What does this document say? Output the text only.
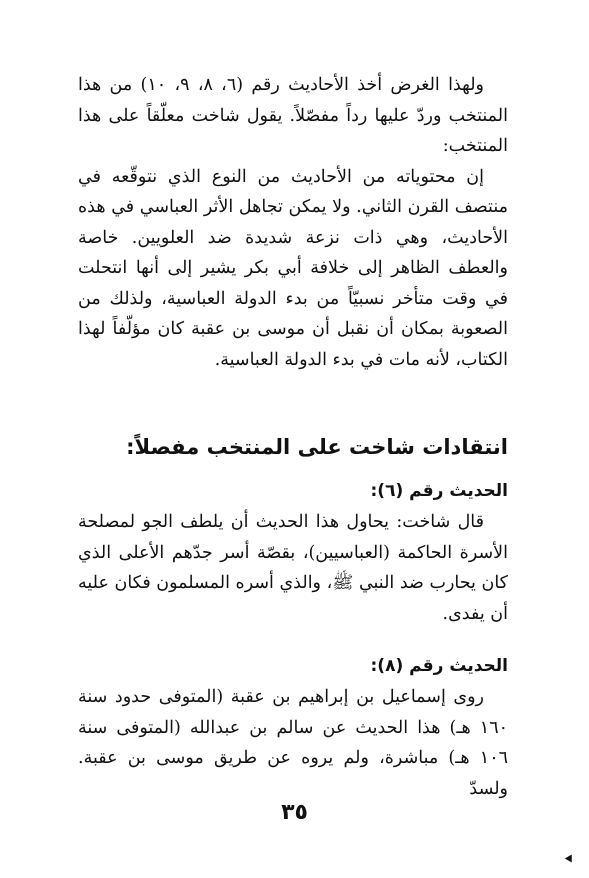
ولهذا الغرض أخذ الأحاديث رقم (٦، ٨، ٩، ١٠) من هذا المنتخب وردّ عليها رداً مفصّلاً. يقول شاخت معلّقاً على هذا المنتخب:

إن محتوياته من الأحاديث من النوع الذي نتوقّعه في منتصف القرن الثاني. ولا يمكن تجاهل الأثر العباسي في هذه الأحاديث، وهي ذات نزعة شديدة ضد العلويين. خاصة والعطف الظاهر إلى خلافة أبي بكر يشير إلى أنها انتحلت في وقت متأخر نسبيّاً من بدء الدولة العباسية، ولذلك من الصعوبة بمكان أن نقبل أن موسى بن عقبة كان مؤلّفاً لهذا الكتاب، لأنه مات في بدء الدولة العباسية.

انتقادات شاخت على المنتخب مفصلاً:
الحديث رقم (٦):

قال شاخت: يحاول هذا الحديث أن يلطف الجو لمصلحة الأسرة الحاكمة (العباسيين)، بقصّة أسر جدّهم الأعلى الذي كان يحارب ضد النبي ﷺ، والذي أسره المسلمون فكان عليه أن يفدى.

الحديث رقم (٨):

روى إسماعيل بن إبراهيم بن عقبة (المتوفى حدود سنة ١٦٠ هـ) هذا الحديث عن سالم بن عبدالله (المتوفى سنة ١٠٦ هـ) مباشرة، ولم يروه عن طريق موسى بن عقبة. ولسدّ

٣٥
